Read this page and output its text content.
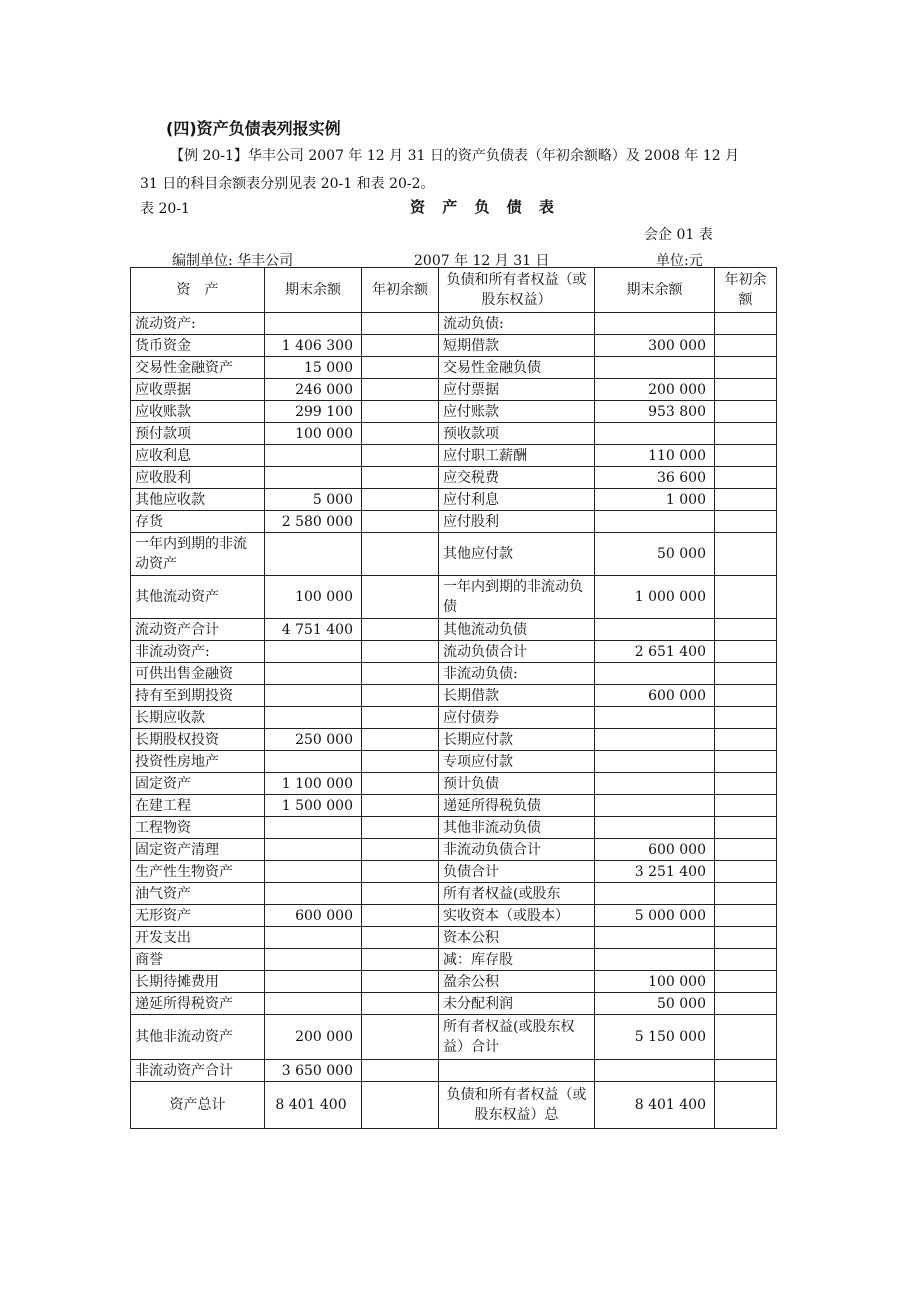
(四)资产负债表列报实例
【例 20-1】华丰公司 2007 年 12 月 31 日的资产负债表（年初余额略）及 2008 年 12 月
31 日的科目余额表分别见表 20-1 和表 20-2。
表 20-1	资 产 负 债 表
会企 01 表
编制单位: 华丰公司	2007 年 12 月 31 日	单位:元
资　产	期末余额	年初余额	负债和所有者权益（或股东权益）	期末余额	年初余额
流动资产:			流动负债:		
货币资金	1 406 300		短期借款	300 000	
交易性金融资产	15 000		交易性金融负债		
应收票据	246 000		应付票据	200 000	
应收账款	299 100		应付账款	953 800	
预付款项	100 000		预收款项		
应收利息			应付职工薪酬	110 000	
应收股利			应交税费	36 600	
其他应收款	5 000		应付利息	1 000	
存货	2 580 000		应付股利		
一年内到期的非流动资产			其他应付款	50 000	
其他流动资产	100 000		一年内到期的非流动负债	1 000 000	
流动资产合计	4 751 400		其他流动负债		
非流动资产:			流动负债合计	2 651 400	
可供出售金融资			非流动负债:		
持有至到期投资			长期借款	600 000	
长期应收款			应付债券		
长期股权投资	250 000		长期应付款		
投资性房地产			专项应付款		
固定资产	1 100 000		预计负债		
在建工程	1 500 000		递延所得税负债		
工程物资			其他非流动负债		
固定资产清理			非流动负债合计	600 000	
生产性生物资产			负债合计	3 251 400	
油气资产			所有者权益(或股东		
无形资产	600 000		实收资本（或股本）	5 000 000	
开发支出			资本公积		
商誉			减：库存股		
长期待摊费用			盈余公积	100 000	
递延所得税资产			未分配利润	50 000	
其他非流动资产	200 000		所有者权益(或股东权益）合计	5 150 000	
非流动资产合计	3 650 000				
资产总计	8 401 400		负债和所有者权益（或股东权益）总	8 401 400	
